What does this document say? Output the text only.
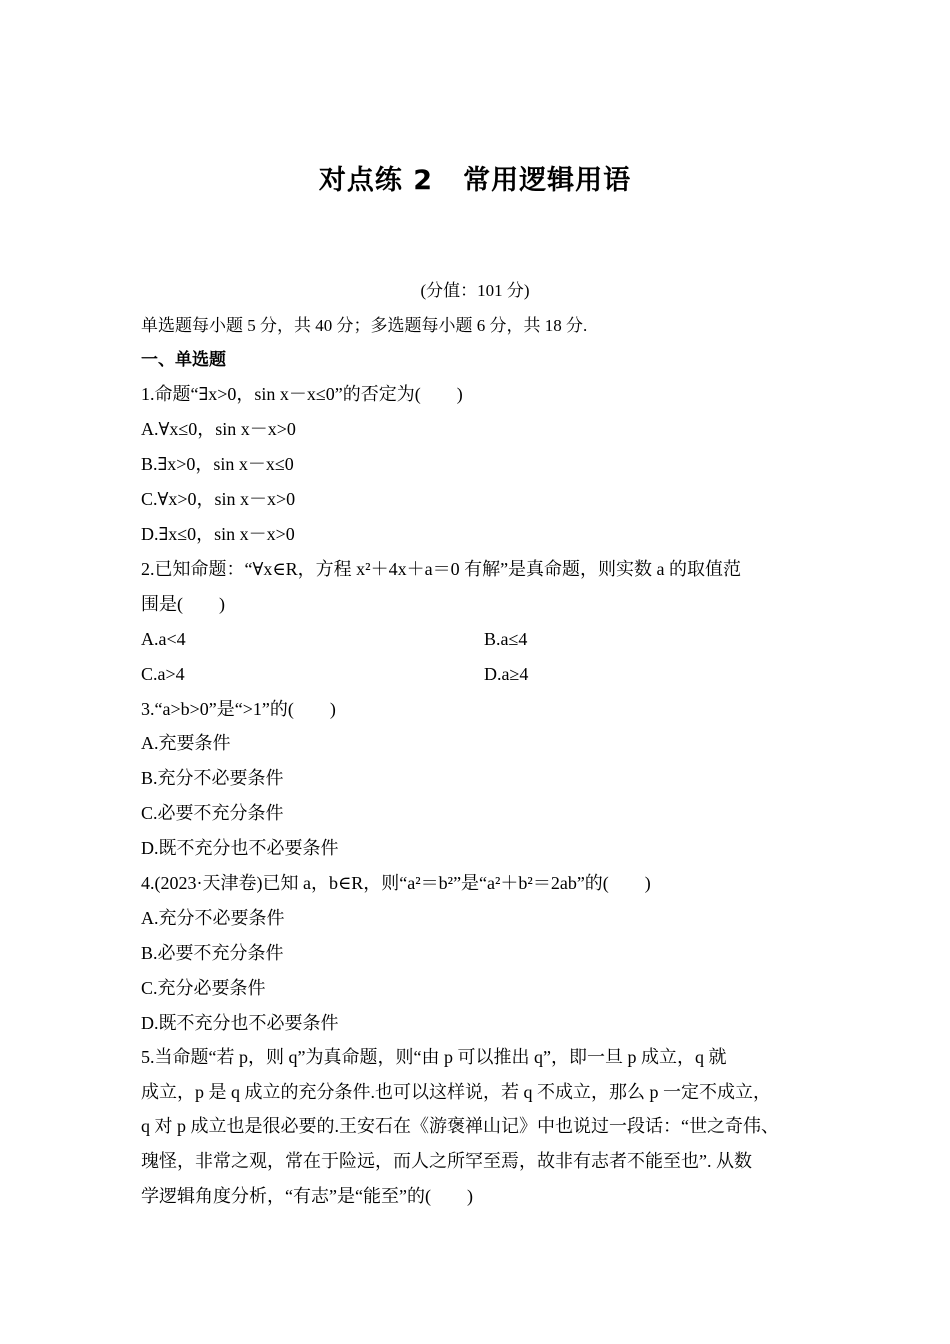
对点练 2 常用逻辑用语
(分值：101 分)
单选题每小题 5 分，共 40 分；多选题每小题 6 分，共 18 分.
一、单选题
1.命题“∃x>0，sin x－x≤0”的否定为(　　)
A.∀x≤0，sin x－x>0
B.∃x>0，sin x－x≤0
C.∀x>0，sin x－x>0
D.∃x≤0，sin x－x>0
2.已知命题：“∀x∈R，方程 x²＋4x＋a＝0 有解”是真命题，则实数 a 的取值范
围是(　　)
A.a<4	B.a≤4
C.a>4	D.a≥4
3.“a>b>0”是“>1”的(　　)
A.充要条件
B.充分不必要条件
C.必要不充分条件
D.既不充分也不必要条件
4.(2023·天津卷)已知 a，b∈R，则“a²＝b²”是“a²＋b²＝2ab”的(　　)
A.充分不必要条件
B.必要不充分条件
C.充分必要条件
D.既不充分也不必要条件
5.当命题“若 p，则 q”为真命题，则“由 p 可以推出 q”，即一旦 p 成立，q 就
成立，p 是 q 成立的充分条件.也可以这样说，若 q 不成立，那么 p 一定不成立，
q 对 p 成立也是很必要的.王安石在《游褒禅山记》中也说过一段话：“世之奇伟、
瑰怪，非常之观，常在于险远，而人之所罕至焉，故非有志者不能至也”. 从数
学逻辑角度分析，“有志”是“能至”的(　　)
